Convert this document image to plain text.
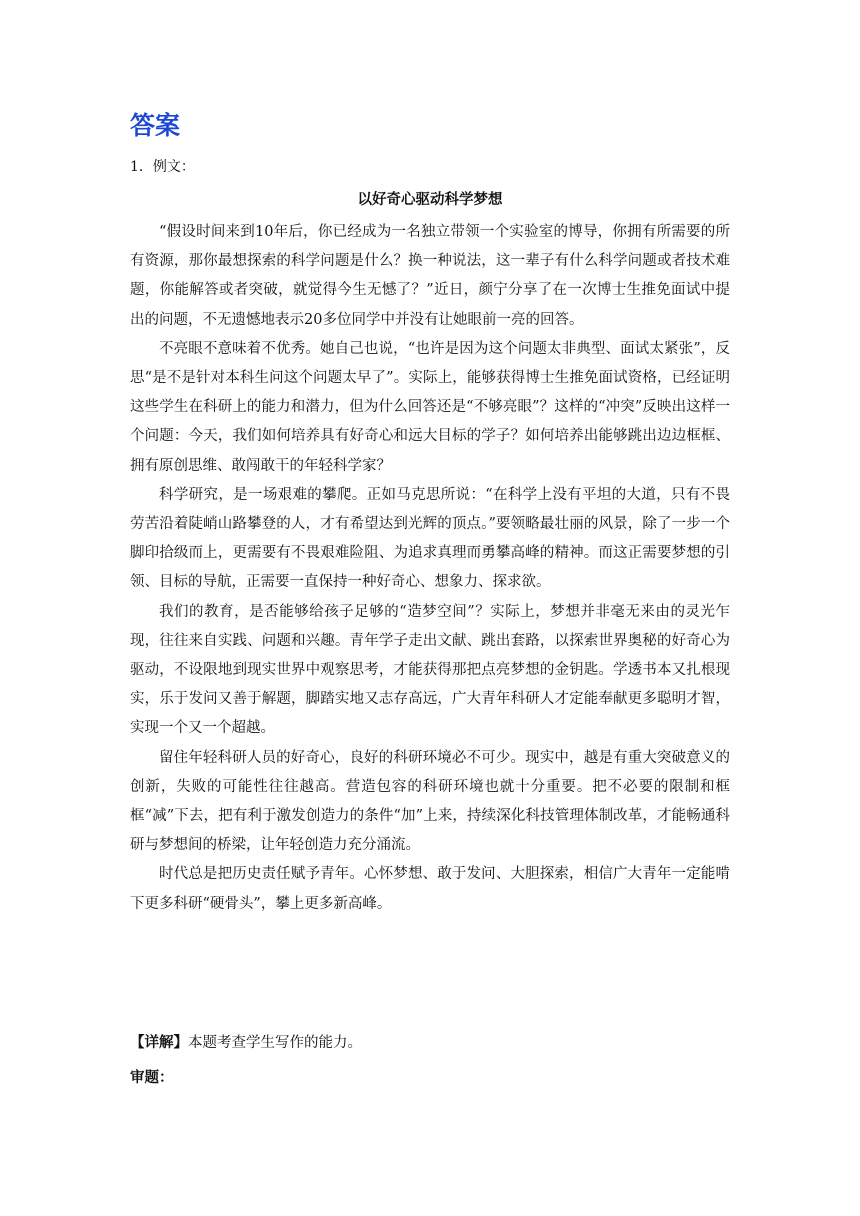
答案
1．例文：
以好奇心驱动科学梦想

“假设时间来到10年后，你已经成为一名独立带领一个实验室的博导，你拥有所需要的所有资源，那你最想探索的科学问题是什么？换一种说法，这一辈子有什么科学问题或者技术难题，你能解答或者突破，就觉得今生无憾了？”近日，颜宁分享了在一次博士生推免面试中提出的问题，不无遗憾地表示20多位同学中并没有让她眼前一亮的回答。

不亮眼不意味着不优秀。她自己也说，“也许是因为这个问题太非典型、面试太紧张”，反思“是不是针对本科生问这个问题太早了”。实际上，能够获得博士生推免面试资格，已经证明这些学生在科研上的能力和潜力，但为什么回答还是“不够亮眼”？这样的“冲突”反映出这样一个问题：今天，我们如何培养具有好奇心和远大目标的学子？如何培养出能够跳出边边框框、拥有原创思维、敢闯敢干的年轻科学家？

科学研究，是一场艰难的攀爬。正如马克思所说：“在科学上没有平坦的大道，只有不畏劳苦沿着陡峭山路攀登的人，才有希望达到光辉的顶点。”要领略最壮丽的风景，除了一步一个脚印拾级而上，更需要有不畏艰难险阻、为追求真理而勇攀高峰的精神。而这正需要梦想的引领、目标的导航，正需要一直保持一种好奇心、想象力、探求欲。

我们的教育，是否能够给孩子足够的“造梦空间”？实际上，梦想并非毫无来由的灵光乍现，往往来自实践、问题和兴趣。青年学子走出文献、跳出套路，以探索世界奥秘的好奇心为驱动，不设限地到现实世界中观察思考，才能获得那把点亮梦想的金钥匙。学透书本又扎根现实，乐于发问又善于解题，脚踏实地又志存高远，广大青年科研人才定能奉献更多聪明才智，实现一个又一个超越。

留住年轻科研人员的好奇心，良好的科研环境必不可少。现实中，越是有重大突破意义的创新，失败的可能性往往越高。营造包容的科研环境也就十分重要。把不必要的限制和框框“减”下去，把有利于激发创造力的条件“加”上来，持续深化科技管理体制改革，才能畅通科研与梦想间的桥梁，让年轻创造力充分涌流。

时代总是把历史责任赋予青年。心怀梦想、敢于发问、大胆探索，相信广大青年一定能啃下更多科研“硬骨头”，攀上更多新高峰。

【详解】本题考查学生写作的能力。
审题：
